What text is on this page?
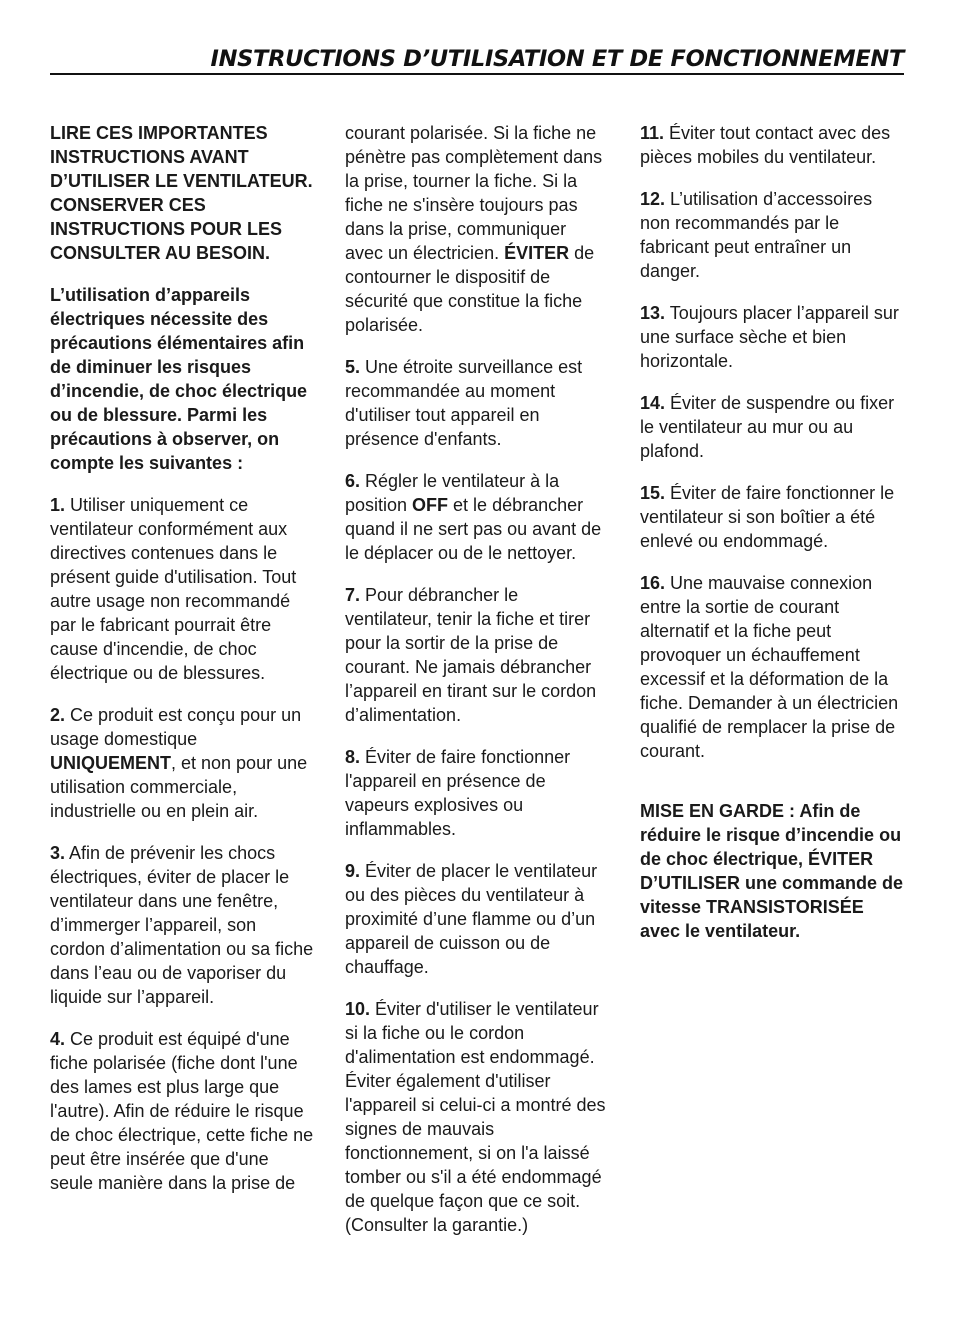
INSTRUCTIONS D’UTILISATION ET DE FONCTIONNEMENT

LIRE CES IMPORTANTES INSTRUCTIONS AVANT D’UTILISER LE VENTILATEUR. CONSERVER CES INSTRUCTIONS POUR LES CONSULTER AU BESOIN.

L’utilisation d’appareils électriques nécessite des précautions élémentaires afin de diminuer les risques d’incendie, de choc électrique ou de blessure. Parmi les précautions à observer, on compte les suivantes :

1. Utiliser uniquement ce ventilateur conformément aux directives contenues dans le présent guide d'utilisation. Tout autre usage non recommandé par le fabricant pourrait être cause d'incendie, de choc électrique ou de blessures.

2. Ce produit est conçu pour un usage domestique UNIQUEMENT, et non pour une utilisation commerciale, industrielle ou en plein air.

3. Afin de prévenir les chocs électriques, éviter de placer le ventilateur dans une fenêtre, d’immerger l’appareil, son cordon d’alimentation ou sa fiche dans l’eau ou de vaporiser du liquide sur l’appareil.

4. Ce produit est équipé d'une fiche polarisée (fiche dont l'une des lames est plus large que l'autre). Afin de réduire le risque de choc électrique, cette fiche ne peut être insérée que d'une seule manière dans la prise de

courant polarisée. Si la fiche ne pénètre pas complètement dans la prise, tourner la fiche. Si la fiche ne s'insère toujours pas dans la prise, communiquer avec un électricien. ÉVITER de contourner le dispositif de sécurité que constitue la fiche polarisée.

5. Une étroite surveillance est recommandée au moment d'utiliser tout appareil en présence d'enfants.

6. Régler le ventilateur à la position OFF et le débrancher quand il ne sert pas ou avant de le déplacer ou de le nettoyer.

7. Pour débrancher le ventilateur, tenir la fiche et tirer pour la sortir de la prise de courant. Ne jamais débrancher l’appareil en tirant sur le cordon d’alimentation.

8. Éviter de faire fonctionner l'appareil en présence de vapeurs explosives ou inflammables.

9. Éviter de placer le ventilateur ou des pièces du ventilateur à proximité d’une flamme ou d’un appareil de cuisson ou de chauffage.

10. Éviter d'utiliser le ventilateur si la fiche ou le cordon d'alimentation est endommagé. Éviter également d'utiliser l'appareil si celui-ci a montré des signes de mauvais fonctionnement, si on l'a laissé tomber ou s'il a été endommagé de quelque façon que ce soit. (Consulter la garantie.)

11. Éviter tout contact avec des pièces mobiles du ventilateur.

12. L’utilisation d’accessoires non recommandés par le fabricant peut entraîner un danger.

13. Toujours placer l’appareil sur une surface sèche et bien horizontale.

14. Éviter de suspendre ou fixer le ventilateur au mur ou au plafond.

15. Éviter de faire fonctionner le ventilateur si son boîtier a été enlevé ou endommagé.

16. Une mauvaise connexion entre la sortie de courant alternatif et la fiche peut provoquer un échauffement excessif et la déformation de la fiche. Demander à un électricien qualifié de remplacer la prise de courant.

MISE EN GARDE : Afin de réduire le risque d’incendie ou de choc électrique, ÉVITER D’UTILISER une commande de vitesse TRANSISTORISÉE avec le ventilateur.
